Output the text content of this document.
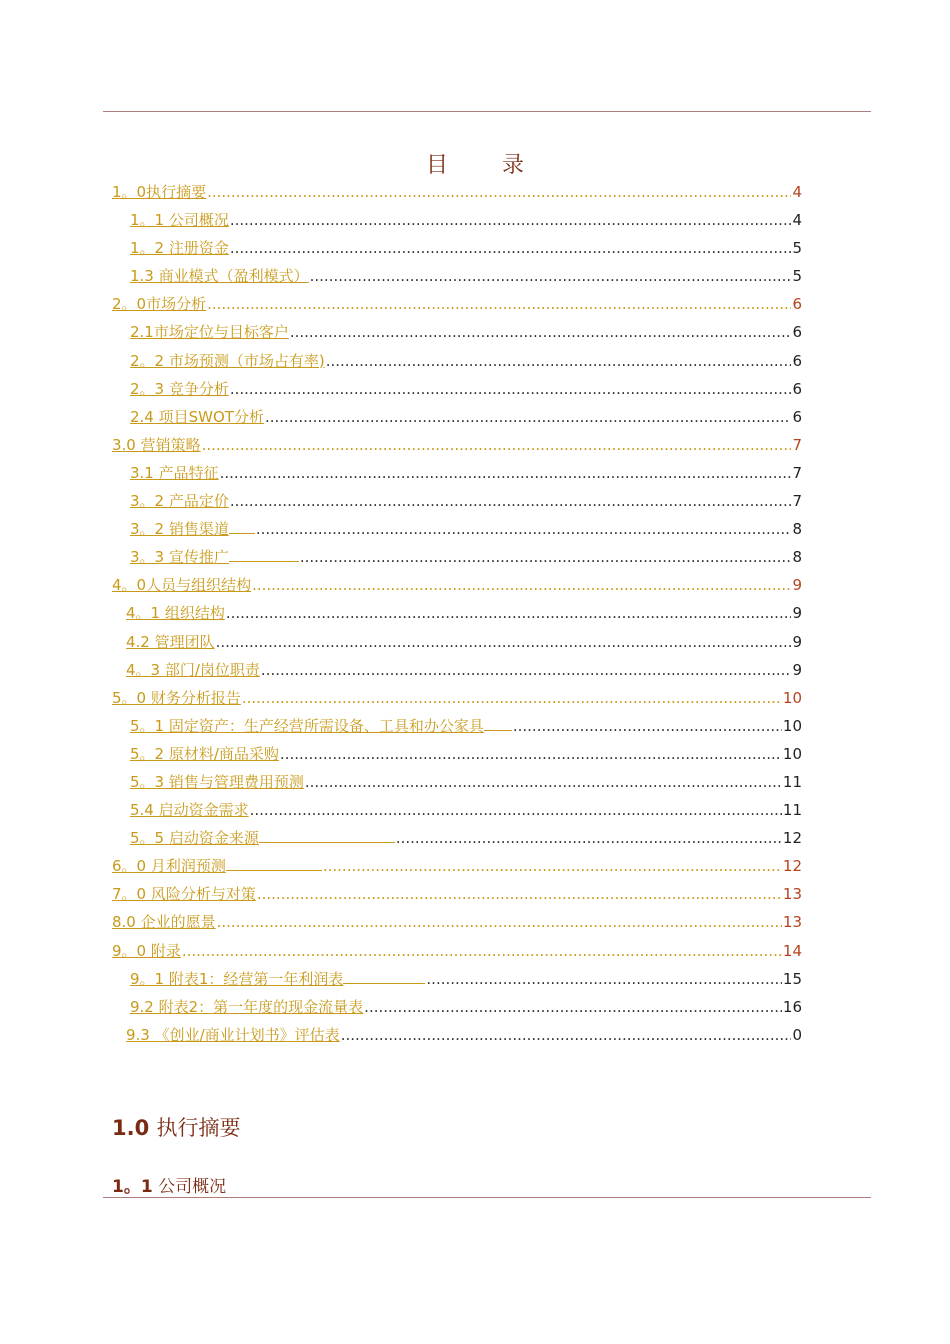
目 录
1。0执行摘要 .....	4
1。1 公司概况 .....	4
1。2 注册资金 .....	5
1.3 商业模式（盈利模式） .....	5
2。0市场分析 .....	6
2.1市场定位与目标客户 .....	6
2。2 市场预测（市场占有率) .....	6
2。3 竞争分析 .....	6
2.4 项目SWOT分析 .....	6
3.0 营销策略 .....	7
3.1 产品特征 .....	7
3。2 产品定价 .....	7
3。2 销售渠道 .....	8
3。3 宣传推广 .....	8
4。0人员与组织结构 .....	9
4。1 组织结构 .....	9
4.2 管理团队 .....	9
4。3 部门/岗位职责 .....	9
5。0 财务分析报告 .....	10
5。1 固定资产：生产经营所需设备、工具和办公家具 .....	10
5。2 原材料/商品采购 .....	10
5。3 销售与管理费用预测 .....	11
5.4 启动资金需求 .....	11
5。5 启动资金来源 .....	12
6。0 月利润预测 .....	12
7。0 风险分析与对策 .....	13
8.0 企业的愿景 .....	13
9。0 附录 .....	14
9。1 附表1：经营第一年利润表 .....	15
9.2 附表2：第一年度的现金流量表 .....	16
9.3 《创业/商业计划书》评估表 .....	0
1.0 执行摘要
1。1 公司概况
